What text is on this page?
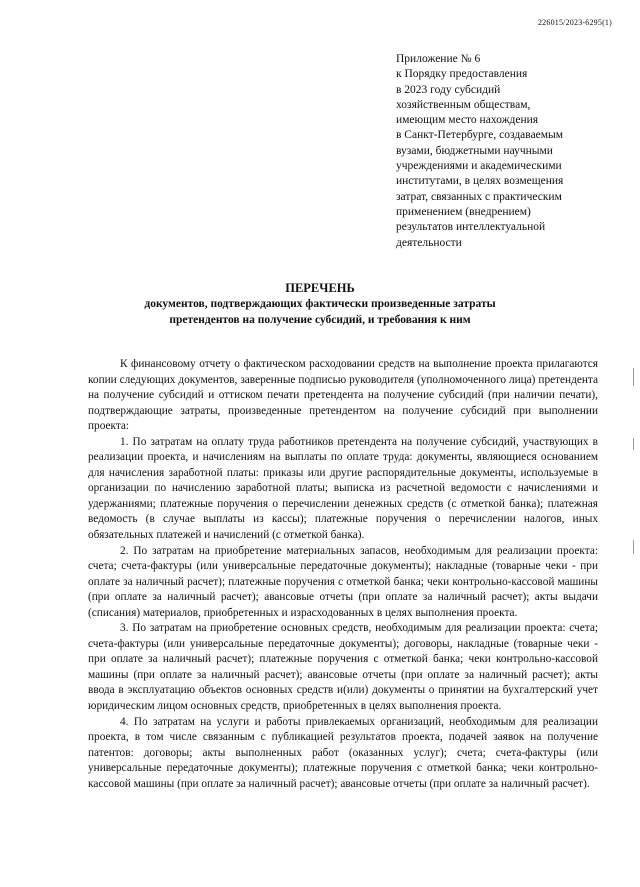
226015/2023-6295(1)
Приложение № 6
к Порядку предоставления
в 2023 году субсидий
хозяйственным обществам,
имеющим место нахождения
в Санкт-Петербурге, создаваемым
вузами, бюджетными научными
учреждениями и академическими
институтами, в целях возмещения
затрат, связанных с практическим
применением (внедрением)
результатов интеллектуальной
деятельности
ПЕРЕЧЕНЬ
документов, подтверждающих фактически произведенные затраты
претендентов на получение субсидий, и требования к ним

К финансовому отчету о фактическом расходовании средств на выполнение проекта прилагаются копии следующих документов, заверенные подписью руководителя (уполномоченного лица) претендента на получение субсидий и оттиском печати претендента на получение субсидий (при наличии печати), подтверждающие затраты, произведенные претендентом на получение субсидий при выполнении проекта:

1. По затратам на оплату труда работников претендента на получение субсидий, участвующих в реализации проекта, и начислениям на выплаты по оплате труда: документы, являющиеся основанием для начисления заработной платы: приказы или другие распорядительные документы, используемые в организации по начислению заработной платы; выписка из расчетной ведомости с начислениями и удержаниями; платежные поручения о перечислении денежных средств (с отметкой банка); платежная ведомость (в случае выплаты из кассы); платежные поручения о перечислении налогов, иных обязательных платежей и начислений (с отметкой банка).

2. По затратам на приобретение материальных запасов, необходимым для реализации проекта: счета; счета-фактуры (или универсальные передаточные документы); накладные (товарные чеки - при оплате за наличный расчет); платежные поручения с отметкой банка; чеки контрольно-кассовой машины (при оплате за наличный расчет); авансовые отчеты (при оплате за наличный расчет); акты выдачи (списания) материалов, приобретенных и израсходованных в целях выполнения проекта.

3. По затратам на приобретение основных средств, необходимым для реализации проекта: счета; счета-фактуры (или универсальные передаточные документы); договоры, накладные (товарные чеки - при оплате за наличный расчет); платежные поручения с отметкой банка; чеки контрольно-кассовой машины (при оплате за наличный расчет); авансовые отчеты (при оплате за наличный расчет); акты ввода в эксплуатацию объектов основных средств и(или) документы о принятии на бухгалтерский учет юридическим лицом основных средств, приобретенных в целях выполнения проекта.

4. По затратам на услуги и работы привлекаемых организаций, необходимым для реализации проекта, в том числе связанным с публикацией результатов проекта, подачей заявок на получение патентов: договоры; акты выполненных работ (оказанных услуг); счета; счета-фактуры (или универсальные передаточные документы); платежные поручения с отметкой банка; чеки контрольно-кассовой машины (при оплате за наличный расчет); авансовые отчеты (при оплате за наличный расчет).
